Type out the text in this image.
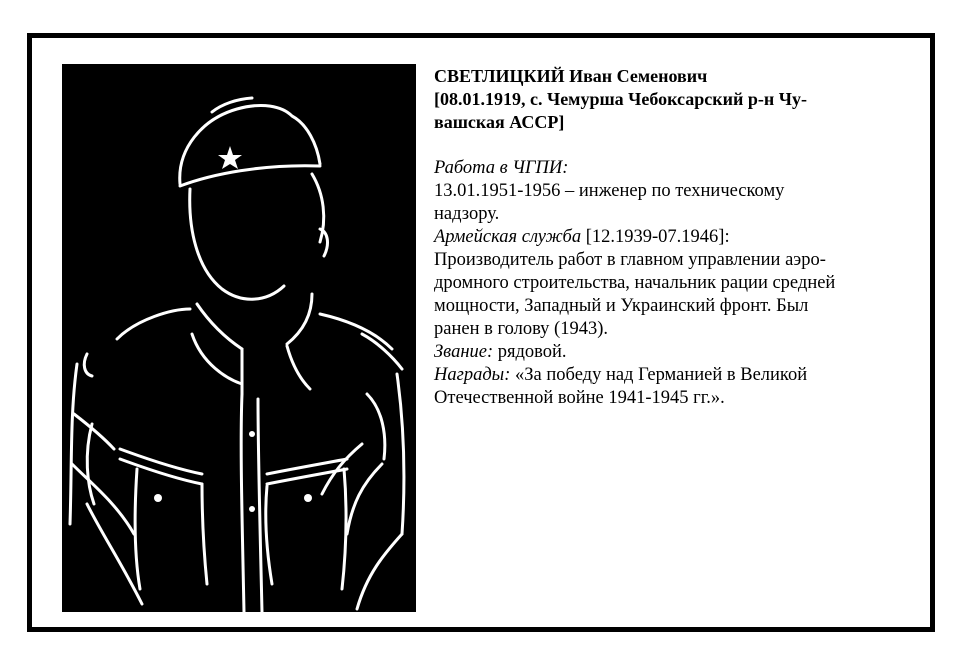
СВЕТЛИЦКИЙ Иван Семенович
[08.01.1919, с. Чемурша Чебоксарский р-н Чу-
вашская АССР]
Работа в ЧГПИ:
13.01.1951-1956 – инженер по техническому
надзору.
Армейская служба [12.1939-07.1946]:
Производитель работ в главном управлении аэро-
дромного строительства, начальник рации средней
мощности, Западный и Украинский фронт. Был
ранен в голову (1943).
Звание: рядовой.
Награды: «За победу над Германией в Великой
Отечественной войне 1941-1945 гг.».
